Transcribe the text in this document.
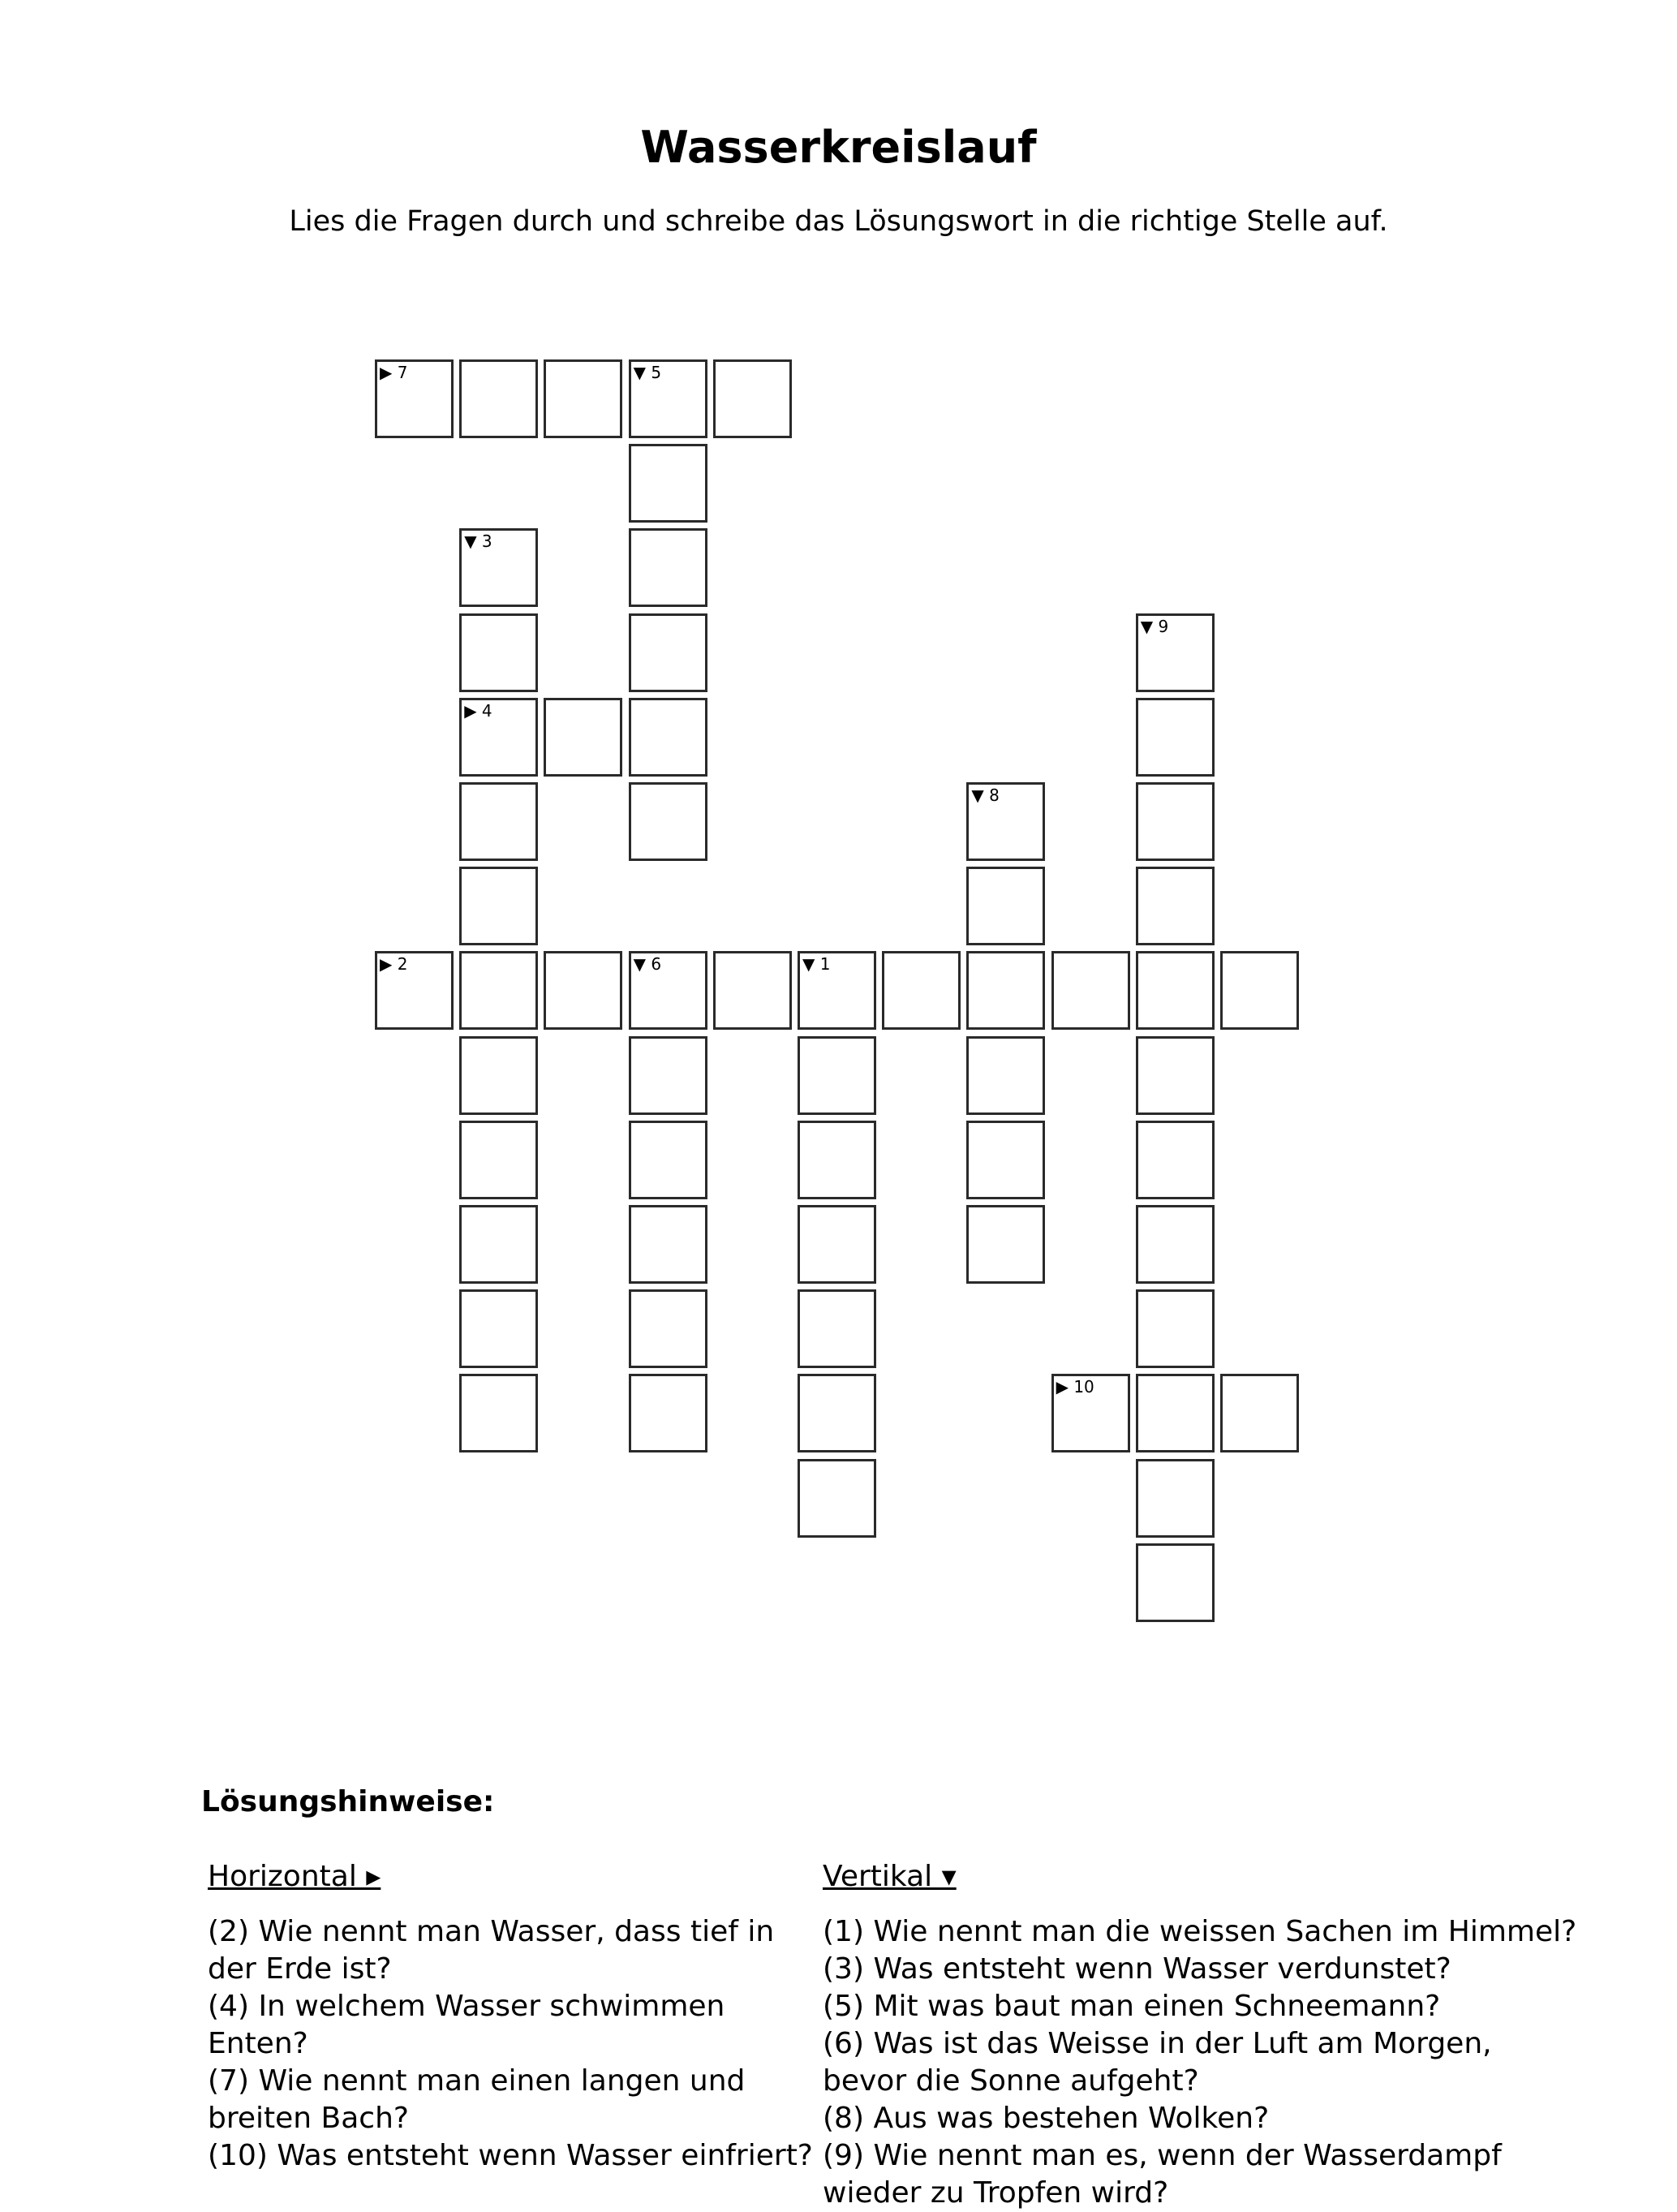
Wasserkreislauf

Lies die Fragen durch und schreibe das Lösungswort in die richtige Stelle auf.

▶ 7	▼ 5
▼ 3
▶ 4
▼ 9
▼ 8
▶ 2	▼ 6	▼ 1
▶ 10
Lösungshinweise:

Horizontal ▸

(2) Wie nennt man Wasser, dass tief in der Erde ist?

(4) In welchem Wasser schwimmen Enten?

(7) Wie nennt man einen langen und breiten Bach?

(10) Was entsteht wenn Wasser einfriert?

Vertikal ▾

(1) Wie nennt man die weissen Sachen im Himmel?

(3) Was entsteht wenn Wasser verdunstet?

(5) Mit was baut man einen Schneemann?

(6) Was ist das Weisse in der Luft am Morgen, bevor die Sonne aufgeht?

(8) Aus was bestehen Wolken?

(9) Wie nennt man es, wenn der Wasserdampf wieder zu Tropfen wird?
